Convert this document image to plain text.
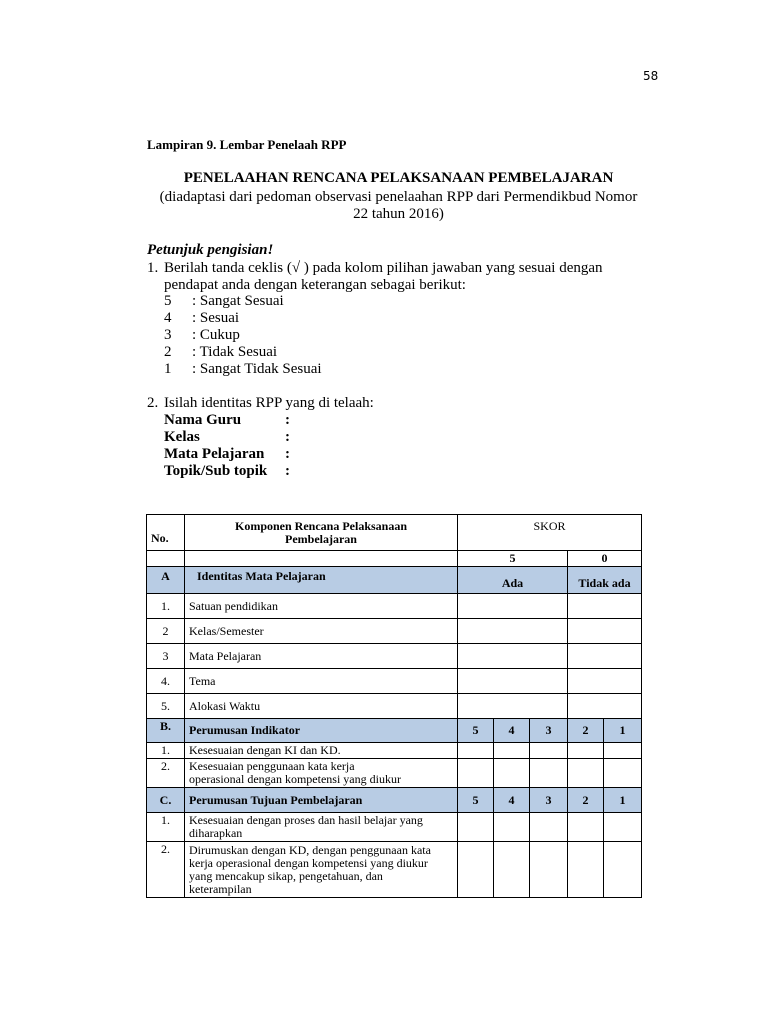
58
Lampiran 9. Lembar Penelaah RPP
PENELAAHAN RENCANA PELAKSANAAN PEMBELAJARAN
(diadaptasi dari pedoman observasi penelaahan RPP dari Permendikbud Nomor
22 tahun 2016)
Petunjuk pengisian!
1. Berilah tanda ceklis (√ ) pada kolom pilihan jawaban yang sesuai dengan
pendapat anda dengan keterangan sebagai berikut:
5 : Sangat Sesuai
4 : Sesuai
3 : Cukup
2 : Tidak Sesuai
1 : Sangat Tidak Sesuai
2. Isilah identitas RPP yang di telaah:
Nama Guru	:
Kelas	:
Mata Pelajaran :
Topik/Sub topik :
No.	Komponen Rencana Pelaksanaan
Pembelajaran	SKOR				
		5			0	
A	Identitas Mata Pelajaran	Ada			Tidak ada	
1.	Satuan pendidikan					
2	Kelas/Semester					
3	Mata Pelajaran					
4.	Tema					
5.	Alokasi Waktu					
B.	Perumusan Indikator	5	4	3	2	1
1.	Kesesuaian dengan KI dan KD.					
2.	Kesesuaian penggunaan kata kerja
operasional dengan kompetensi yang diukur					

C.	Perumusan Tujuan Pembelajaran	5	4	3	2	1
1.	Kesesuaian dengan proses dan hasil belajar yang
diharapkan					

2.	Dirumuskan dengan KD, dengan penggunaan kata
kerja operasional dengan kompetensi yang diukur
yang mencakup sikap, pengetahuan, dan
keterampilan					
